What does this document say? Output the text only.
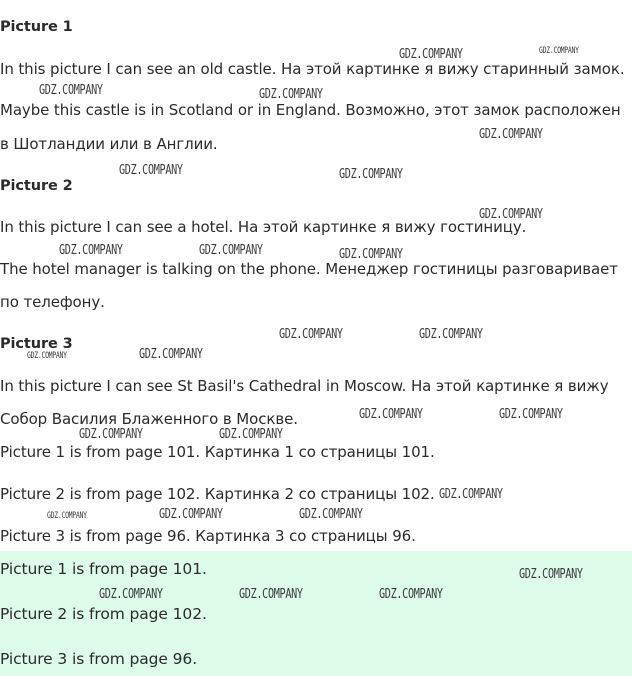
Picture 1
In this picture I can see an old castle. На этой картинке я вижу старинный замок.
Maybe this castle is in Scotland or in England. Возможно, этот замок расположен
в Шотландии или в Англии.
Picture 2
In this picture I can see a hotel. На этой картинке я вижу гостиницу.
The hotel manager is talking on the phone. Менеджер гостиницы разговаривает
по телефону.
Picture 3
In this picture I can see St Basil's Cathedral in Moscow. На этой картинке я вижу
Собор Василия Блаженного в Москве.
Picture 1 is from page 101. Картинка 1 со страницы 101.
Picture 2 is from page 102. Картинка 2 со страницы 102.
Picture 3 is from page 96. Картинка 3 со страницы 96.
Picture 1 is from page 101.
Picture 2 is from page 102.
Picture 3 is from page 96.
GDZ.COMPANY	GDZ.COMPANY
GDZ.COMPANY	GDZ.COMPANY
GDZ.COMPANY
GDZ.COMPANY	GDZ.COMPANY
GDZ.COMPANY
GDZ.COMPANY	GDZ.COMPANY	GDZ.COMPANY
GDZ.COMPANY	GDZ.COMPANY
GDZ.COMPANY	GDZ.COMPANY
GDZ.COMPANY	GDZ.COMPANY
GDZ.COMPANY	GDZ.COMPANY
GDZ.COMPANY
GDZ.COMPANY	GDZ.COMPANY	GDZ.COMPANY
GDZ.COMPANY
GDZ.COMPANY	GDZ.COMPANY	GDZ.COMPANY
